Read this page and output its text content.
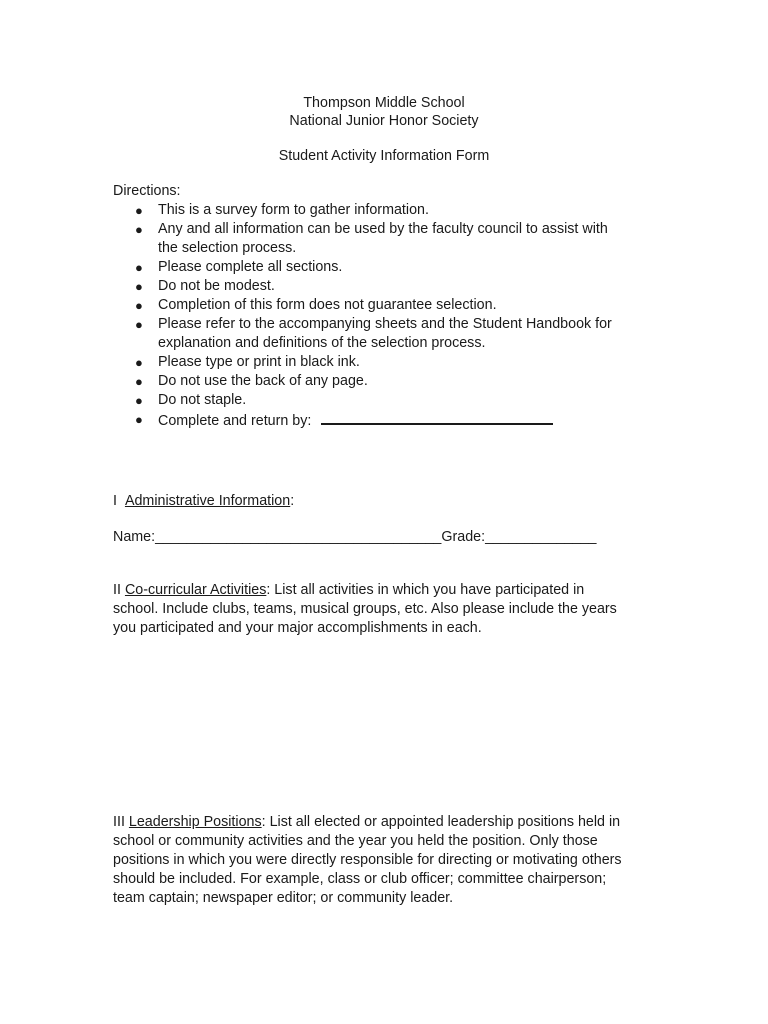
Thompson Middle School
National Junior Honor Society
Student Activity Information Form
Directions:
● This is a survey form to gather information.
● Any and all information can be used by the faculty council to assist with
the selection process.
● Please complete all sections.
● Do not be modest.
● Completion of this form does not guarantee selection.
● Please refer to the accompanying sheets and the Student Handbook for
explanation and definitions of the selection process.
● Please type or print in black ink.
● Do not use the back of any page.
● Do not staple.
● Complete and return by:
I Administrative Information:
Name:____________________________________Grade:______________
II Co-curricular Activities: List all activities in which you have participated in
school. Include clubs, teams, musical groups, etc. Also please include the years
you participated and your major accomplishments in each.
III Leadership Positions: List all elected or appointed leadership positions held in
school or community activities and the year you held the position. Only those
positions in which you were directly responsible for directing or motivating others
should be included. For example, class or club officer; committee chairperson;
team captain; newspaper editor; or community leader.
